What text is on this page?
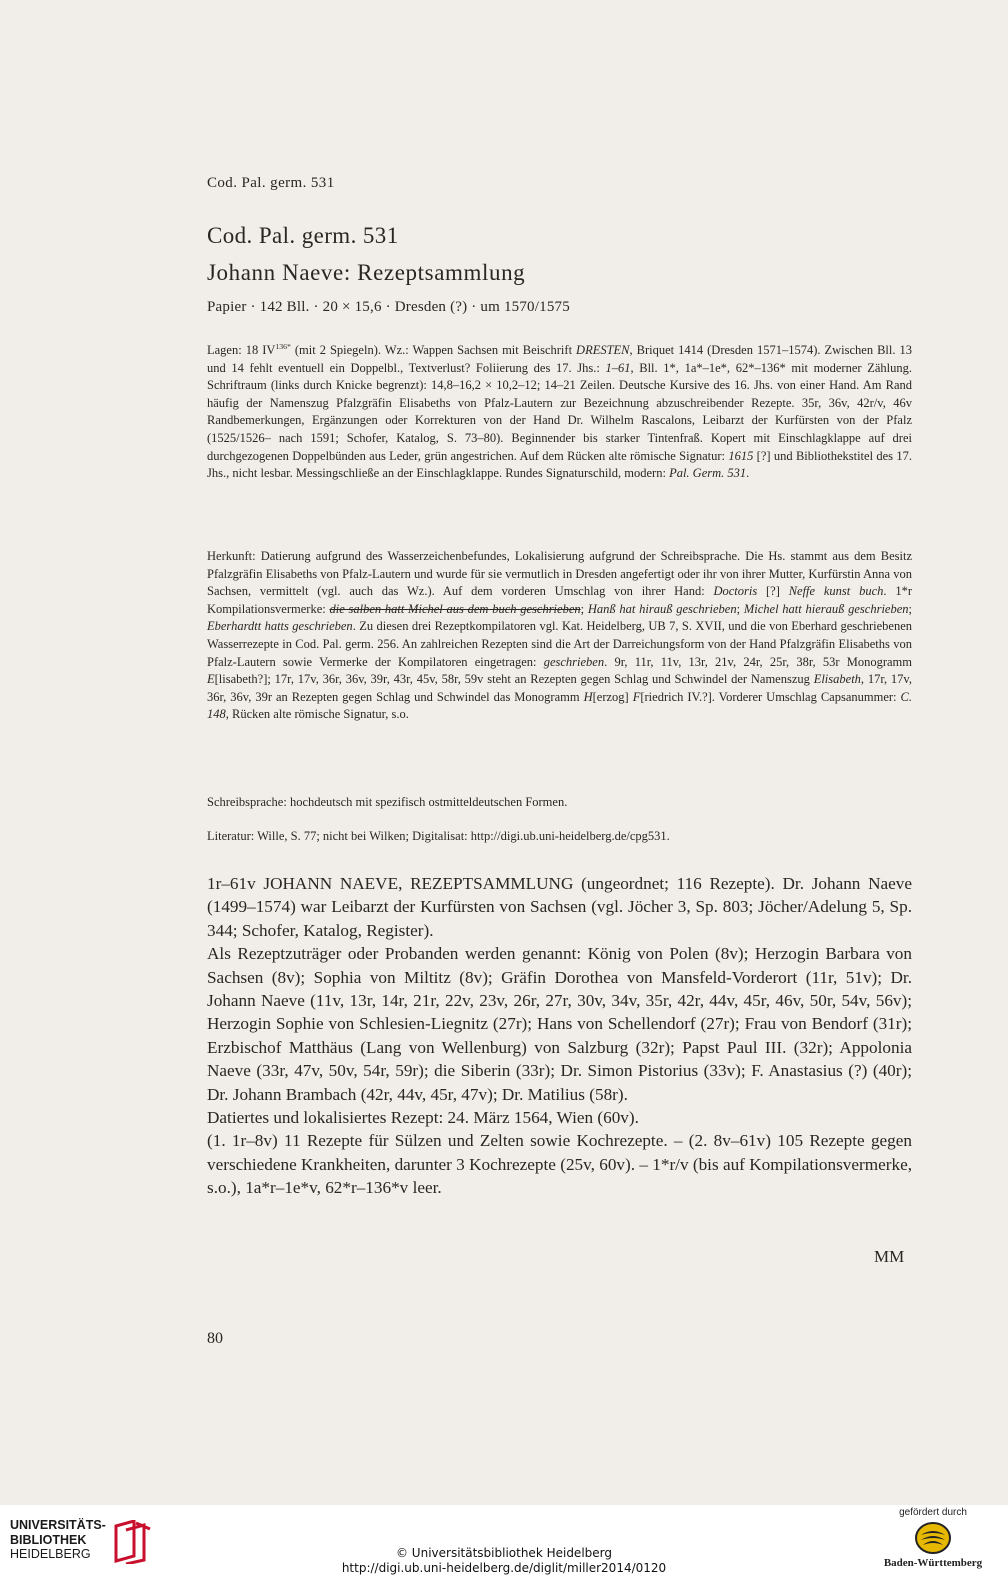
Cod. Pal. germ. 531
Cod. Pal. germ. 531
Johann Naeve: Rezeptsammlung
Papier · 142 Bll. · 20 × 15,6 · Dresden (?) · um 1570/1575

Lagen: 18 $IV^{136*}$ (mit 2 Spiegeln). Wz.: Wappen Sachsen mit Beischrift DRESTEN, Briquet 1414 (Dresden 1571–1574). Zwischen Bll. 13 und 14 fehlt eventuell ein Doppelbl., Textverlust? Foliierung des 17. Jhs.: 1–61, Bll. 1*, 1a*–1e*, 62*–136* mit moderner Zählung. Schriftraum (links durch Knicke begrenzt): 14,8–16,2 × 10,2–12; 14–21 Zeilen. Deutsche Kursive des 16. Jhs. von einer Hand. Am Rand häufig der Namenszug Pfalzgräfin Elisabeths von Pfalz-Lautern zur Bezeichnung abzuschreibender Rezepte. 35r, 36v, 42r/v, 46v Randbemerkungen, Ergänzungen oder Korrekturen von der Hand Dr. Wilhelm Rascalons, Leibarzt der Kurfürsten von der Pfalz (1525/1526– nach 1591; Schofer, Katalog, S. 73–80). Beginnender bis starker Tintenfraß. Kopert mit Einschlagklappe auf drei durchgezogenen Doppelbünden aus Leder, grün angestrichen. Auf dem Rücken alte römische Signatur: 1615 [?] und Bibliothekstitel des 17. Jhs., nicht lesbar. Messingschließe an der Einschlagklappe. Rundes Signaturschild, modern: Pal. Germ. 531.

Herkunft: Datierung aufgrund des Wasserzeichenbefundes, Lokalisierung aufgrund der Schreibsprache. Die Hs. stammt aus dem Besitz Pfalzgräfin Elisabeths von Pfalz-Lautern und wurde für sie vermutlich in Dresden angefertigt oder ihr von ihrer Mutter, Kurfürstin Anna von Sachsen, vermittelt (vgl. auch das Wz.). Auf dem vorderen Umschlag von ihrer Hand: Doctoris [?] Neffe kunst buch. 1*r Kompilationsvermerke: die salben hatt Michel aus dem buch geschrieben; Hanß hat hirauß geschrieben; Michel hatt hierauß geschrieben; Eberhardtt hatts geschrieben. Zu diesen drei Rezeptkompilatoren vgl. Kat. Heidelberg, UB 7, S. XVII, und die von Eberhard geschriebenen Wasserrezepte in Cod. Pal. germ. 256. An zahlreichen Rezepten sind die Art der Darreichungsform von der Hand Pfalzgräfin Elisabeths von Pfalz-Lautern sowie Vermerke der Kompilatoren eingetragen: geschrieben. 9r, 11r, 11v, 13r, 21v, 24r, 25r, 38r, 53r Monogramm E[lisabeth?]; 17r, 17v, 36r, 36v, 39r, 43r, 45v, 58r, 59v steht an Rezepten gegen Schlag und Schwindel der Namenszug Elisabeth, 17r, 17v, 36r, 36v, 39r an Rezepten gegen Schlag und Schwindel das Monogramm H[erzog] F[riedrich IV.?]. Vorderer Umschlag Capsanummer: C. 148, Rücken alte römische Signatur, s.o.

Schreibsprache: hochdeutsch mit spezifisch ostmitteldeutschen Formen.
Literatur: Wille, S. 77; nicht bei Wilken; Digitalisat: http://digi.ub.uni-heidelberg.de/cpg531.

1r–61v JOHANN NAEVE, REZEPTSAMMLUNG (ungeordnet; 116 Rezepte). Dr. Johann Naeve (1499–1574) war Leibarzt der Kurfürsten von Sachsen (vgl. Jöcher 3, Sp. 803; Jöcher/Adelung 5, Sp. 344; Schofer, Katalog, Register).

Als Rezeptzuträger oder Probanden werden genannt: König von Polen (8v); Herzogin Barbara von Sachsen (8v); Sophia von Miltitz (8v); Gräfin Dorothea von Mansfeld-Vorderort (11r, 51v); Dr. Johann Naeve (11v, 13r, 14r, 21r, 22v, 23v, 26r, 27r, 30v, 34v, 35r, 42r, 44v, 45r, 46v, 50r, 54v, 56v); Herzogin Sophie von Schlesien-Liegnitz (27r); Hans von Schellendorf (27r); Frau von Bendorf (31r); Erzbischof Matthäus (Lang von Wellenburg) von Salzburg (32r); Papst Paul III. (32r); Appolonia Naeve (33r, 47v, 50v, 54r, 59r); die Siberin (33r); Dr. Simon Pistorius (33v); F. Anastasius (?) (40r); Dr. Johann Brambach (42r, 44v, 45r, 47v); Dr. Matilius (58r).

Datiertes und lokalisiertes Rezept: 24. März 1564, Wien (60v).

(1. 1r–8v) 11 Rezepte für Sülzen und Zelten sowie Kochrezepte. – (2. 8v–61v) 105 Rezepte gegen verschiedene Krankheiten, darunter 3 Kochrezepte (25v, 60v). – 1*r/v (bis auf Kompilationsvermerke, s.o.), 1a*r–1e*v, 62*r–136*v leer.

MM
80
UNIVERSITÄTS-
BIBLIOTHEK
HEIDELBERG	© Universitätsbibliothek Heidelberg
http://digi.ub.uni-heidelberg.de/diglit/miller2014/0120
gefördert durch
Baden-Württemberg
